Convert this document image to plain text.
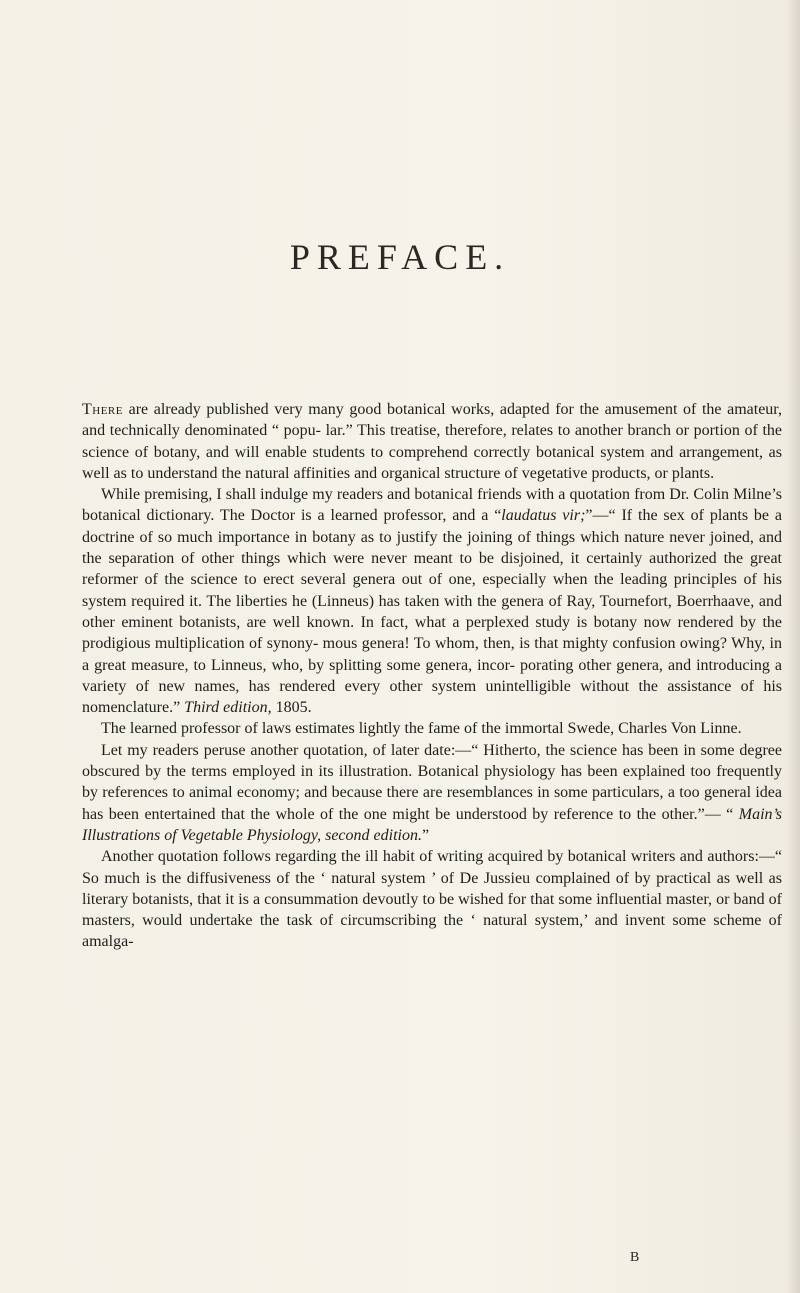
PREFACE.

There are already published very many good botanical works, adapted for the amusement of the amateur, and technically denominated “ popu- lar.” This treatise, therefore, relates to another branch or portion of the science of botany, and will enable students to comprehend correctly botanical system and arrangement, as well as to understand the natural affinities and organical structure of vegetative products, or plants.

While premising, I shall indulge my readers and botanical friends with a quotation from Dr. Colin Milne’s botanical dictionary. The Doctor is a learned professor, and a “laudatus vir;”—“ If the sex of plants be a doctrine of so much importance in botany as to justify the joining of things which nature never joined, and the separation of other things which were never meant to be disjoined, it certainly authorized the great reformer of the science to erect several genera out of one, especially when the leading principles of his system required it. The liberties he (Linneus) has taken with the genera of Ray, Tournefort, Boerrhaave, and other eminent botanists, are well known. In fact, what a perplexed study is botany now rendered by the prodigious multiplication of synony- mous genera! To whom, then, is that mighty confusion owing? Why, in a great measure, to Linneus, who, by splitting some genera, incor- porating other genera, and introducing a variety of new names, has rendered every other system unintelligible without the assistance of his nomenclature.” Third edition, 1805.

The learned professor of laws estimates lightly the fame of the immortal Swede, Charles Von Linne.

Let my readers peruse another quotation, of later date:—“ Hitherto, the science has been in some degree obscured by the terms employed in its illustration. Botanical physiology has been explained too frequently by references to animal economy; and because there are resemblances in some particulars, a too general idea has been entertained that the whole of the one might be understood by reference to the other.”— “ Main’s Illustrations of Vegetable Physiology, second edition.”

Another quotation follows regarding the ill habit of writing acquired by botanical writers and authors:—“ So much is the diffusiveness of the ‘ natural system ’ of De Jussieu complained of by practical as well as literary botanists, that it is a consummation devoutly to be wished for that some influential master, or band of masters, would undertake the task of circumscribing the ‘ natural system,’ and invent some scheme of amalga-

B
